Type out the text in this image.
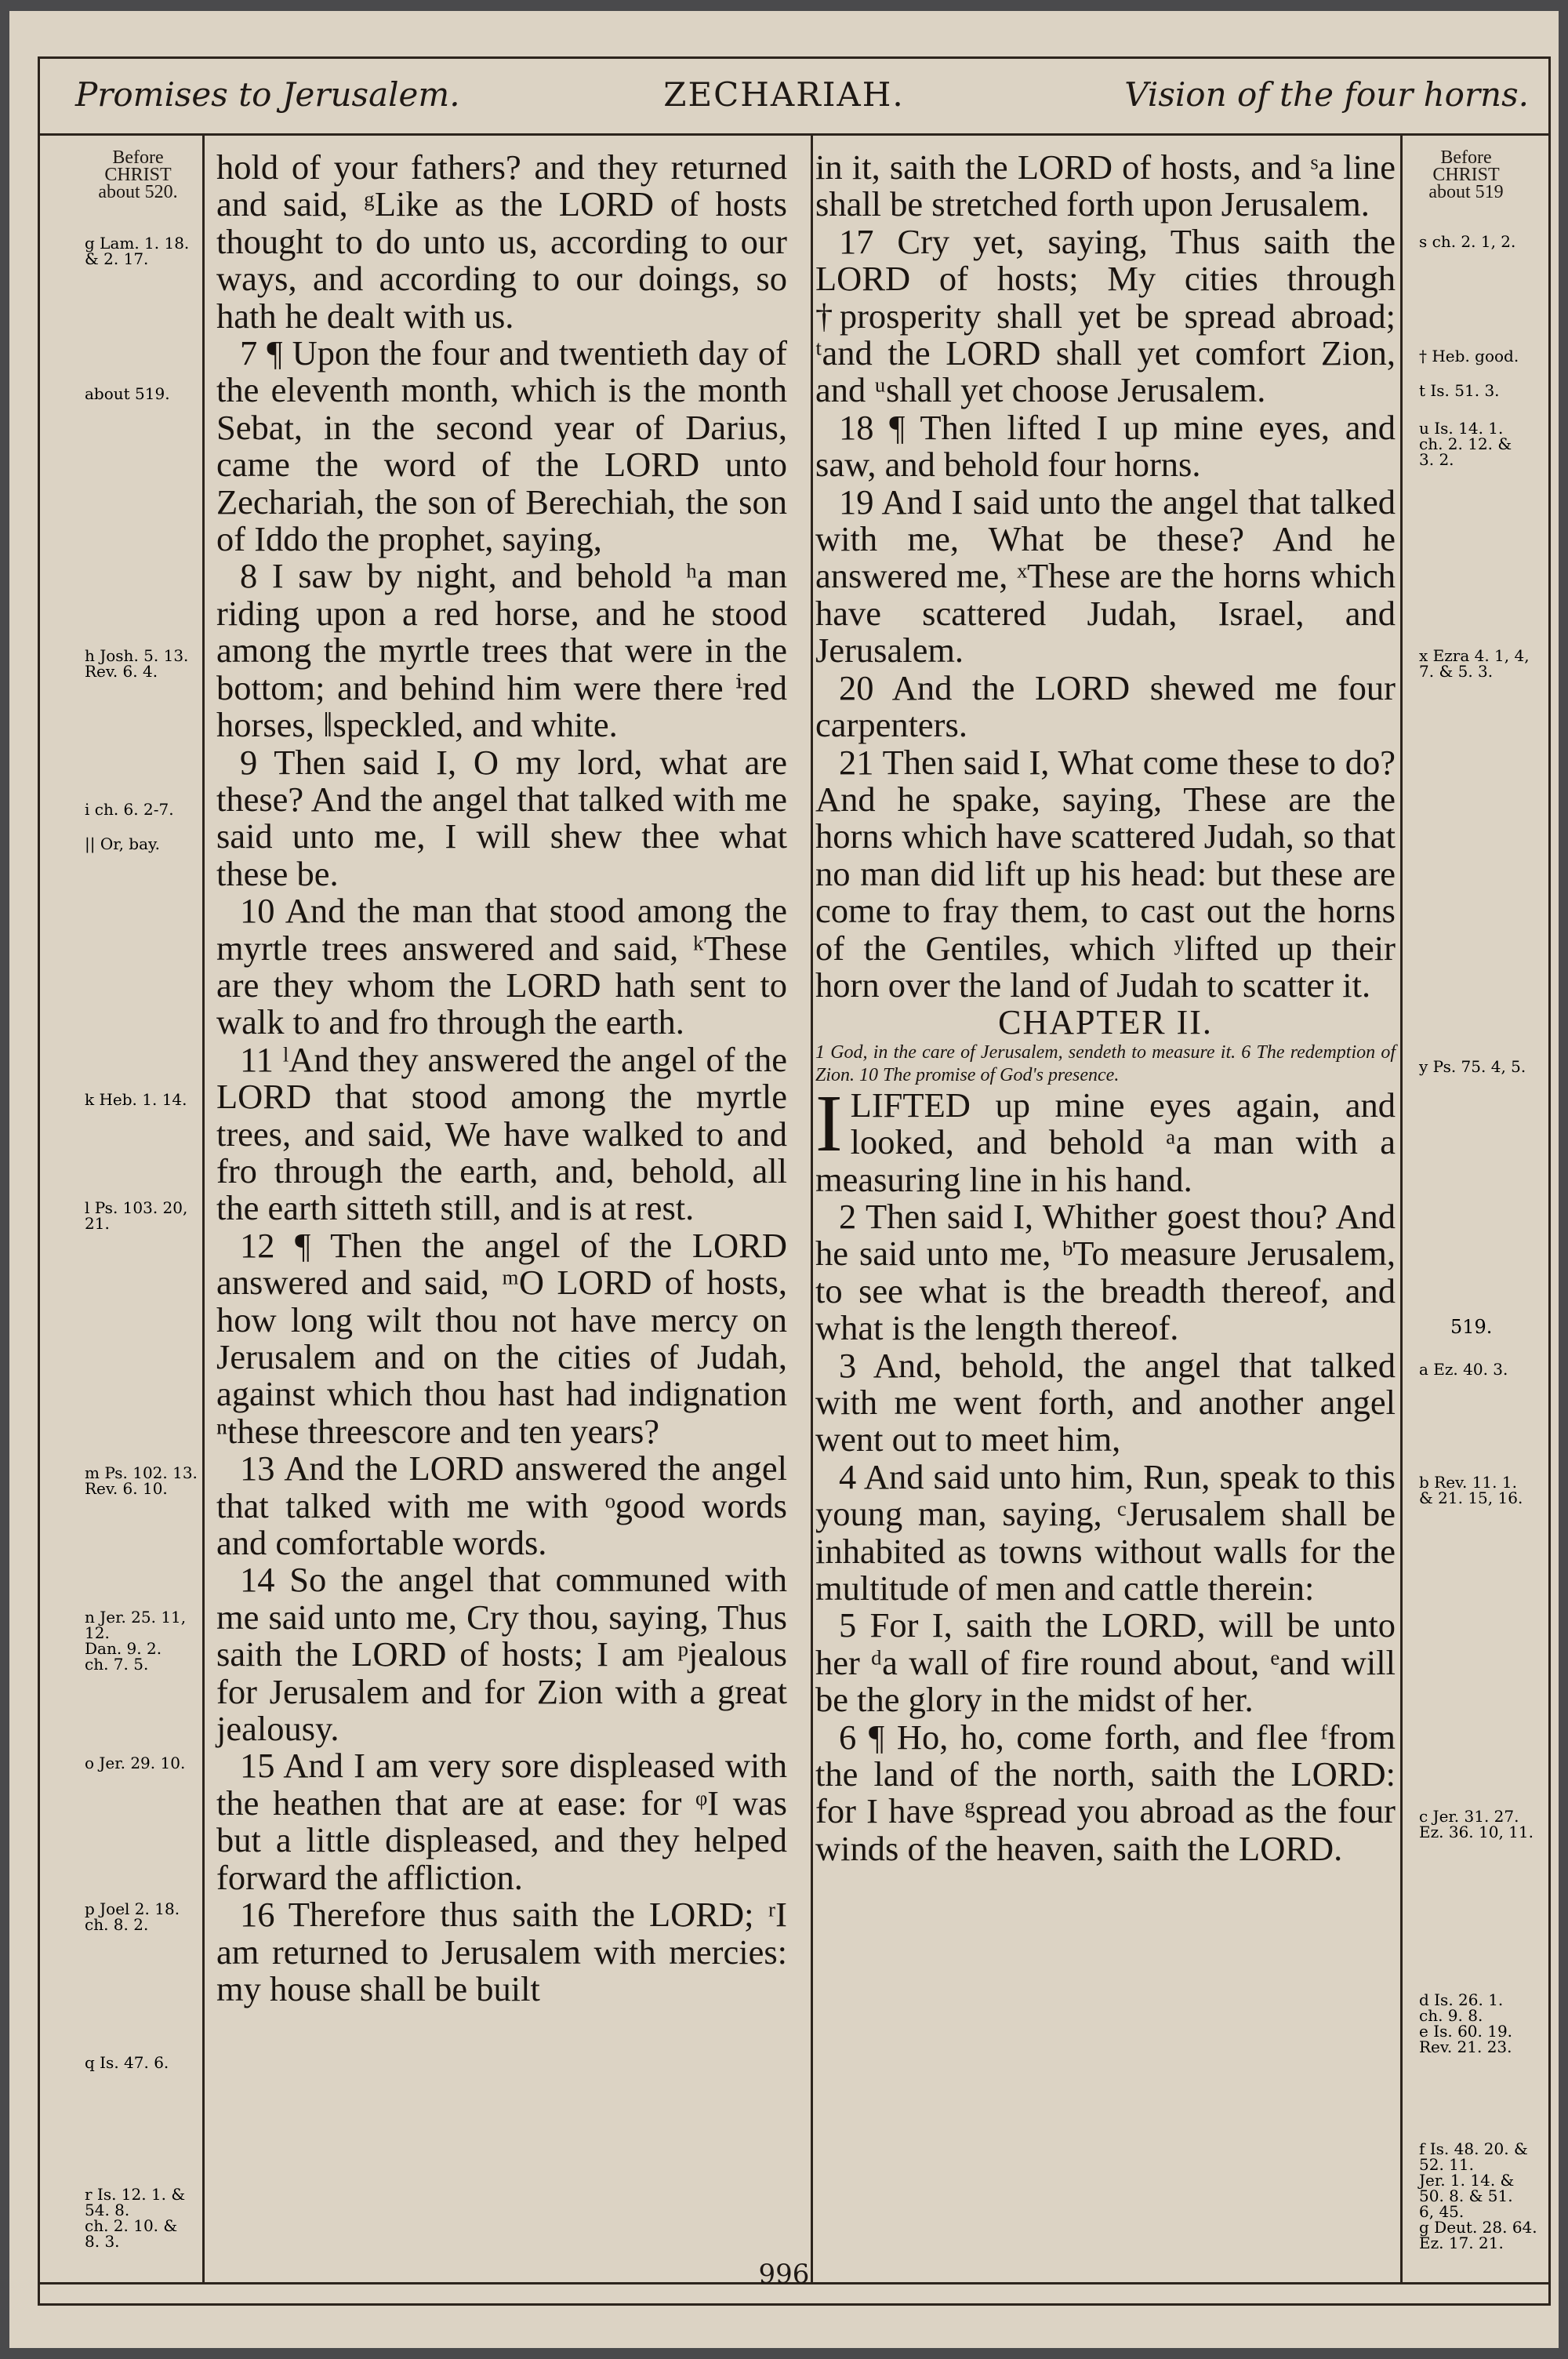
Promises to Jerusalem.	ZECHARIAH.	Vision of the four horns.
Before
CHRIST
about 520.
Before
CHRIST
about 519
g Lam. 1. 18.
& 2. 17.
about 519.
h Josh. 5. 13.
Rev. 6. 4.
i ch. 6. 2-7.
|| Or, bay.
k Heb. 1. 14.
l Ps. 103. 20,
21.
m Ps. 102. 13.
Rev. 6. 10.
n Jer. 25. 11,
12.
Dan. 9. 2.
ch. 7. 5.
o Jer. 29. 10.
p Joel 2. 18.
ch. 8. 2.
q Is. 47. 6.
r Is. 12. 1. &
54. 8.
ch. 2. 10. &
8. 3.
s ch. 2. 1, 2.
† Heb. good.
t Is. 51. 3.
u Is. 14. 1.
ch. 2. 12. &
3. 2.
x Ezra 4. 1, 4,
7. & 5. 3.
y Ps. 75. 4, 5.
519.
a Ez. 40. 3.
b Rev. 11. 1.
& 21. 15, 16.
c Jer. 31. 27.
Ez. 36. 10, 11.
d Is. 26. 1.
ch. 9. 8.
e Is. 60. 19.
Rev. 21. 23.
f Is. 48. 20. &
52. 11.
Jer. 1. 14. &
50. 8. & 51.
6, 45.
g Deut. 28. 64.
Ez. 17. 21.

hold of your fathers? and they returned and said, ᵍLike as the LORD of hosts thought to do unto us, according to our ways, and according to our doings, so hath he dealt with us.

7 ¶ Upon the four and twentieth day of the eleventh month, which is the month Sebat, in the second year of Darius, came the word of the LORD unto Zechariah, the son of Berechiah, the son of Iddo the prophet, saying,

8 I saw by night, and behold ʰa man riding upon a red horse, and he stood among the myrtle trees that were in the bottom; and behind him were there ⁱred horses, ‖speckled, and white.

9 Then said I, O my lord, what are these? And the angel that talked with me said unto me, I will shew thee what these be.

10 And the man that stood among the myrtle trees answered and said, ᵏThese are they whom the LORD hath sent to walk to and fro through the earth.

11 ˡAnd they answered the angel of the LORD that stood among the myrtle trees, and said, We have walked to and fro through the earth, and, behold, all the earth sitteth still, and is at rest.

12 ¶ Then the angel of the LORD answered and said, ᵐO LORD of hosts, how long wilt thou not have mercy on Jerusalem and on the cities of Judah, against which thou hast had indignation ⁿthese threescore and ten years?

13 And the LORD answered the angel that talked with me with ᵒgood words and comfortable words.

14 So the angel that communed with me said unto me, Cry thou, saying, Thus saith the LORD of hosts; I am ᵖjealous for Jerusalem and for Zion with a great jealousy.

15 And I am very sore displeased with the heathen that are at ease: for ᵠI was but a little displeased, and they helped forward the affliction.

16 Therefore thus saith the LORD; ʳI am returned to Jerusalem with mercies: my house shall be built

in it, saith the LORD of hosts, and ˢa line shall be stretched forth upon Jerusalem.

17 Cry yet, saying, Thus saith the LORD of hosts; My cities through †prosperity shall yet be spread abroad; ᵗand the LORD shall yet comfort Zion, and ᵘshall yet choose Jerusalem.

18 ¶ Then lifted I up mine eyes, and saw, and behold four horns.

19 And I said unto the angel that talked with me, What be these? And he answered me, ˣThese are the horns which have scattered Judah, Israel, and Jerusalem.

20 And the LORD shewed me four carpenters.

21 Then said I, What come these to do? And he spake, saying, These are the horns which have scattered Judah, so that no man did lift up his head: but these are come to fray them, to cast out the horns of the Gentiles, which ʸlifted up their horn over the land of Judah to scatter it.

CHAPTER II.

1 God, in the care of Jerusalem, sendeth to measure it. 6 The redemption of Zion. 10 The promise of God's presence.

ILIFTED up mine eyes again, and looked, and behold ᵃa man with a measuring line in his hand.

2 Then said I, Whither goest thou? And he said unto me, ᵇTo measure Jerusalem, to see what is the breadth thereof, and what is the length thereof.

3 And, behold, the angel that talked with me went forth, and another angel went out to meet him,

4 And said unto him, Run, speak to this young man, saying, ᶜJerusalem shall be inhabited as towns without walls for the multitude of men and cattle therein:

5 For I, saith the LORD, will be unto her ᵈa wall of fire round about, ᵉand will be the glory in the midst of her.

6 ¶ Ho, ho, come forth, and flee ᶠfrom the land of the north, saith the LORD: for I have ᵍspread you abroad as the four winds of the heaven, saith the LORD.

996
